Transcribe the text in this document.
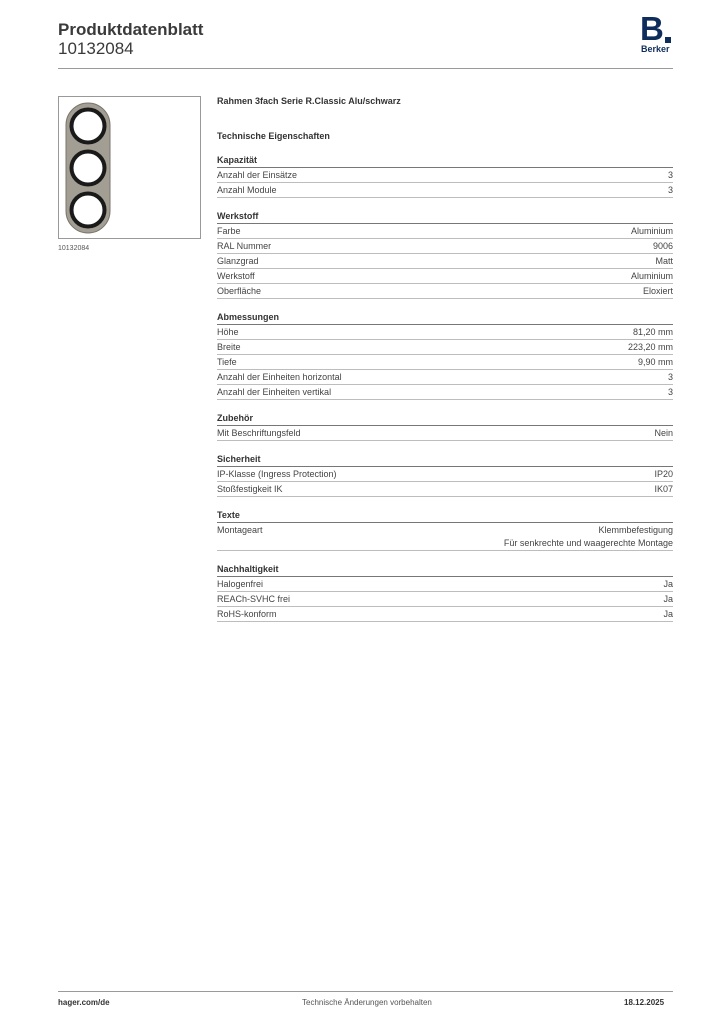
Produktdatenblatt
10132084
B
Berker
10132084
Rahmen 3fach Serie R.Classic Alu/schwarz
Technische Eigenschaften
Kapazität
Anzahl der Einsätze	3
Anzahl Module	3
Werkstoff
Farbe	Aluminium
RAL Nummer	9006
Glanzgrad	Matt
Werkstoff	Aluminium
Oberfläche	Eloxiert
Abmessungen
Höhe	81,20 mm
Breite	223,20 mm
Tiefe	9,90 mm
Anzahl der Einheiten horizontal	3
Anzahl der Einheiten vertikal	3
Zubehör
Mit Beschriftungsfeld	Nein
Sicherheit
IP-Klasse (Ingress Protection)	IP20
Stoßfestigkeit IK	IK07
Texte
Montageart	Klemmbefestigung
Für senkrechte und waagerechte Montage
Nachhaltigkeit
Halogenfrei	Ja
REACh-SVHC frei	Ja
RoHS-konform	Ja
hager.com/de	Technische Änderungen vorbehalten	18.12.2025
